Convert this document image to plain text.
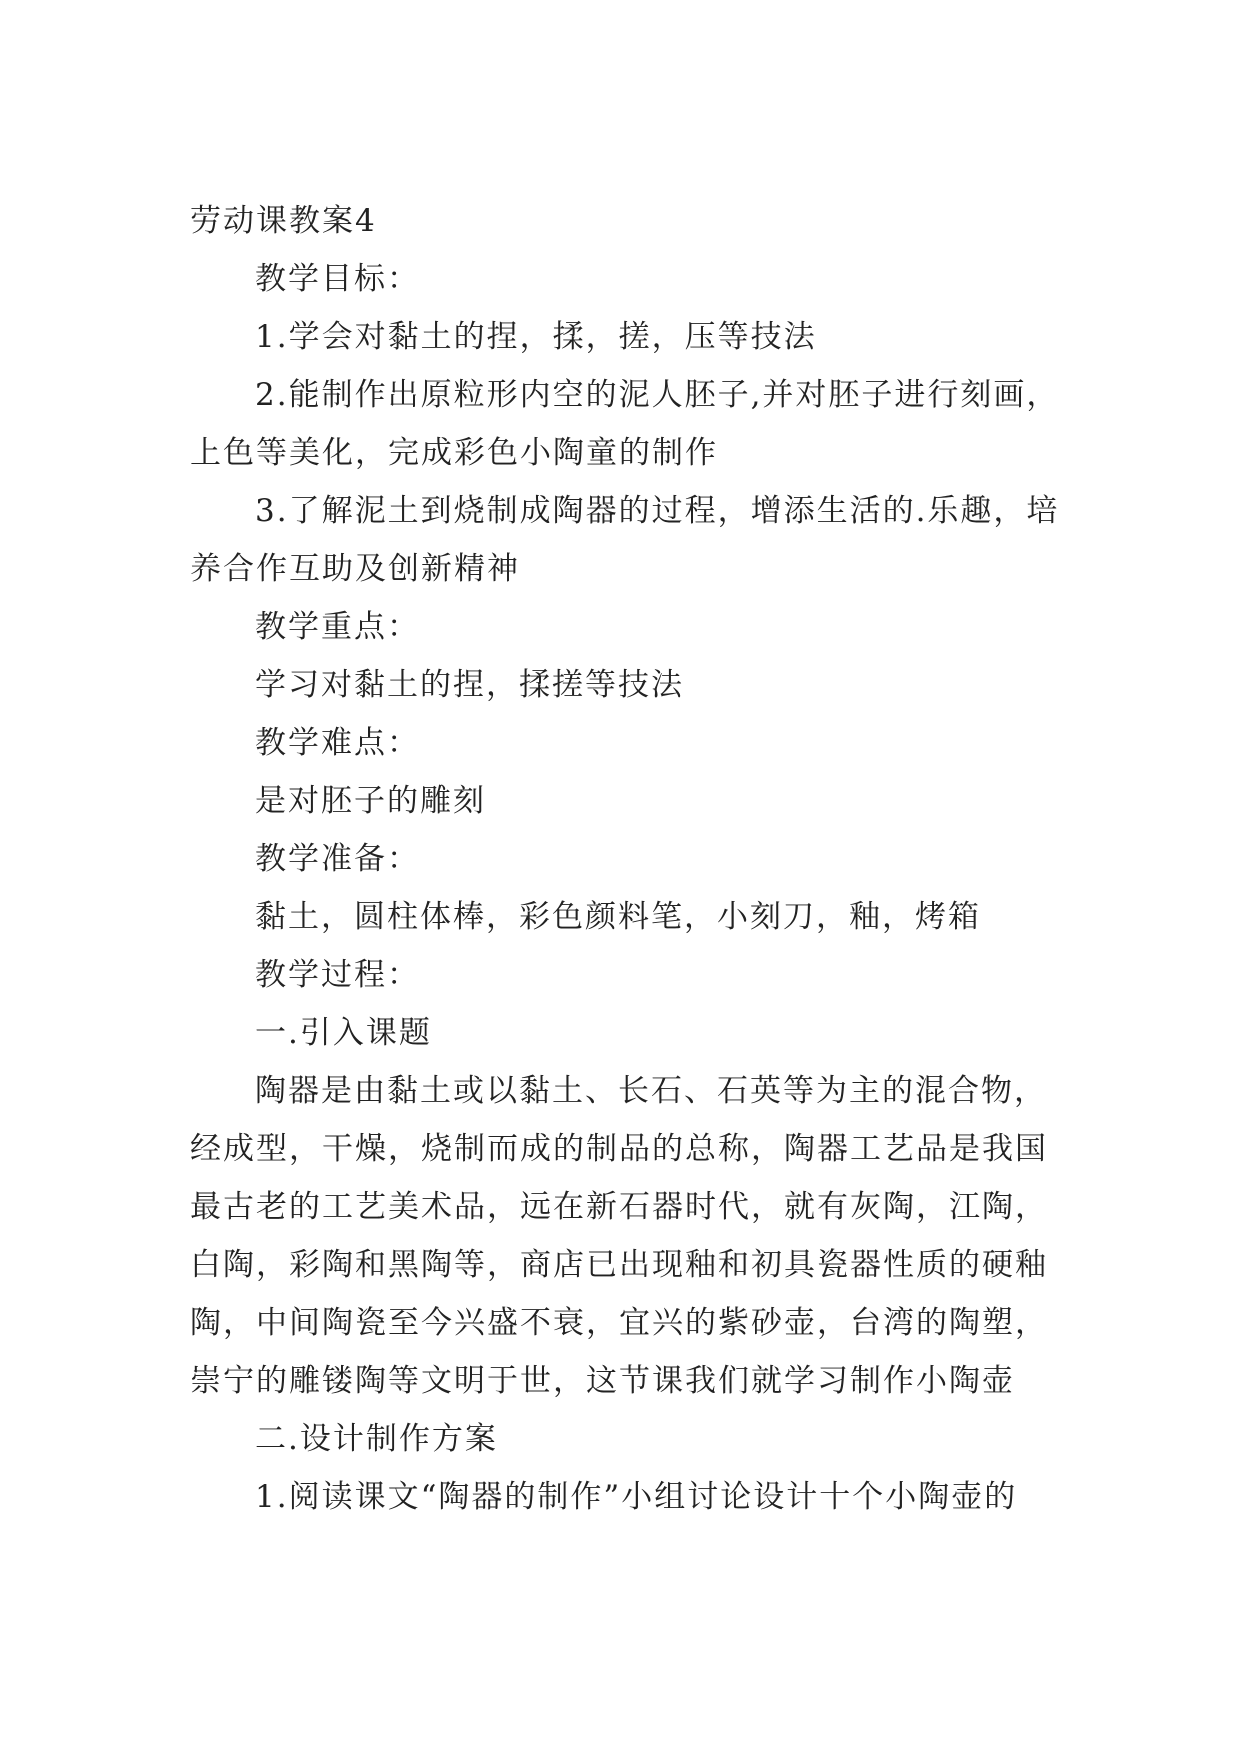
劳动课教案4

教学目标：

1.学会对黏土的捏，揉，搓，压等技法

2.能制作出原粒形内空的泥人胚子,并对胚子进行刻画，上色等美化，完成彩色小陶童的制作

3.了解泥土到烧制成陶器的过程，增添生活的.乐趣，培养合作互助及创新精神

教学重点：

学习对黏土的捏，揉搓等技法

教学难点：

是对胚子的雕刻

教学准备：

黏土，圆柱体棒，彩色颜料笔，小刻刀，釉，烤箱

教学过程：

一.引入课题

陶器是由黏土或以黏土、长石、石英等为主的混合物，经成型，干燥，烧制而成的制品的总称，陶器工艺品是我国最古老的工艺美术品，远在新石器时代，就有灰陶，江陶，白陶，彩陶和黑陶等，商店已出现釉和初具瓷器性质的硬釉陶，中间陶瓷至今兴盛不衰，宜兴的紫砂壶，台湾的陶塑，崇宁的雕镂陶等文明于世，这节课我们就学习制作小陶壶

二.设计制作方案

1.阅读课文“陶器的制作”小组讨论设计十个小陶壶的
